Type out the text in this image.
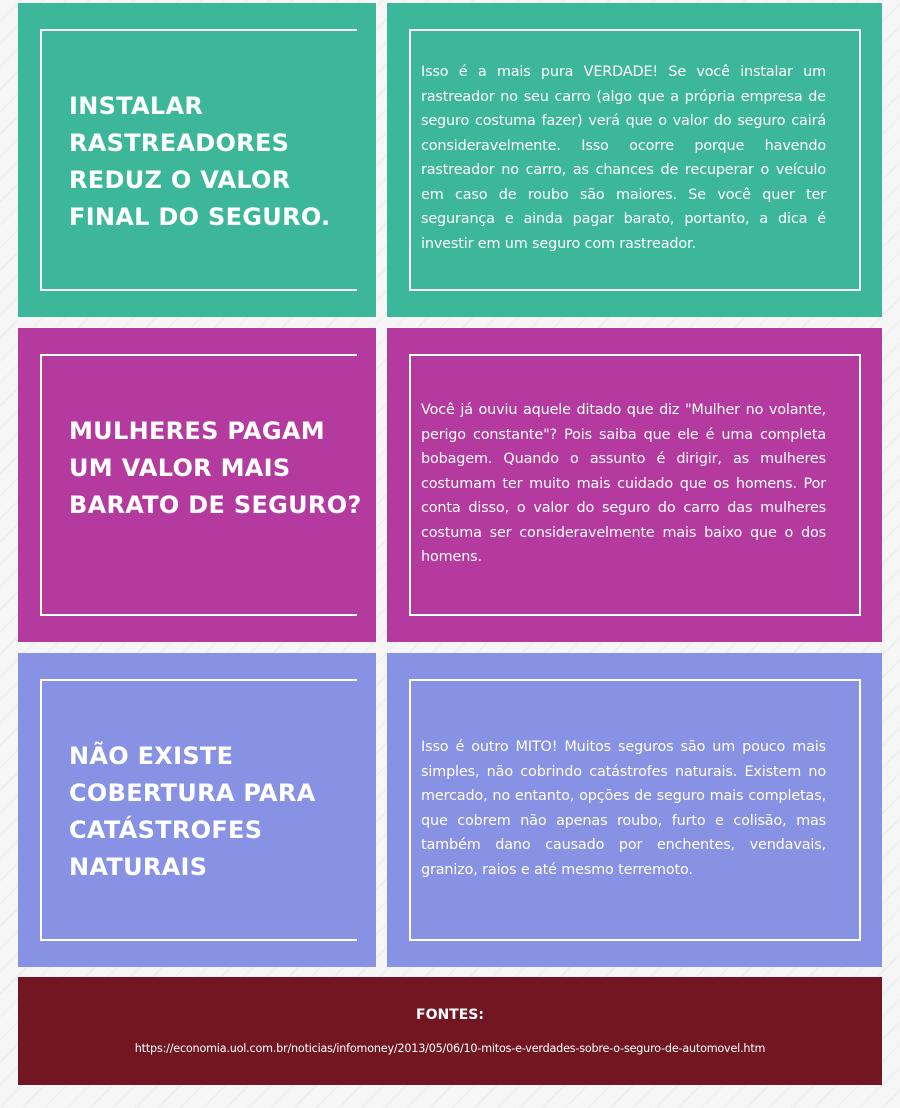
INSTALAR RASTREADORES REDUZ O VALOR FINAL DO SEGURO.
Isso é a mais pura VERDADE! Se você instalar um rastreador no seu carro (algo que a própria empresa de seguro costuma fazer) verá que o valor do seguro cairá consideravelmente. Isso ocorre porque havendo rastreador no carro, as chances de recuperar o veículo em caso de roubo são maiores. Se você quer ter segurança e ainda pagar barato, portanto, a dica é investir em um seguro com rastreador.
MULHERES PAGAM UM VALOR MAIS BARATO DE SEGURO?
Você já ouviu aquele ditado que diz "Mulher no volante, perigo constante"? Pois saiba que ele é uma completa bobagem. Quando o assunto é dirigir, as mulheres costumam ter muito mais cuidado que os homens. Por conta disso, o valor do seguro do carro das mulheres costuma ser consideravelmente mais baixo que o dos homens.
NÃO EXISTE COBERTURA PARA CATÁSTROFES NATURAIS
Isso é outro MITO! Muitos seguros são um pouco mais simples, não cobrindo catástrofes naturais. Existem no mercado, no entanto, opções de seguro mais completas, que cobrem não apenas roubo, furto e colisão, mas também dano causado por enchentes, vendavais, granizo, raios e até mesmo terremoto.
FONTES:
https://economia.uol.com.br/noticias/infomoney/2013/05/06/10-mitos-e-verdades-sobre-o-seguro-de-automovel.htm
